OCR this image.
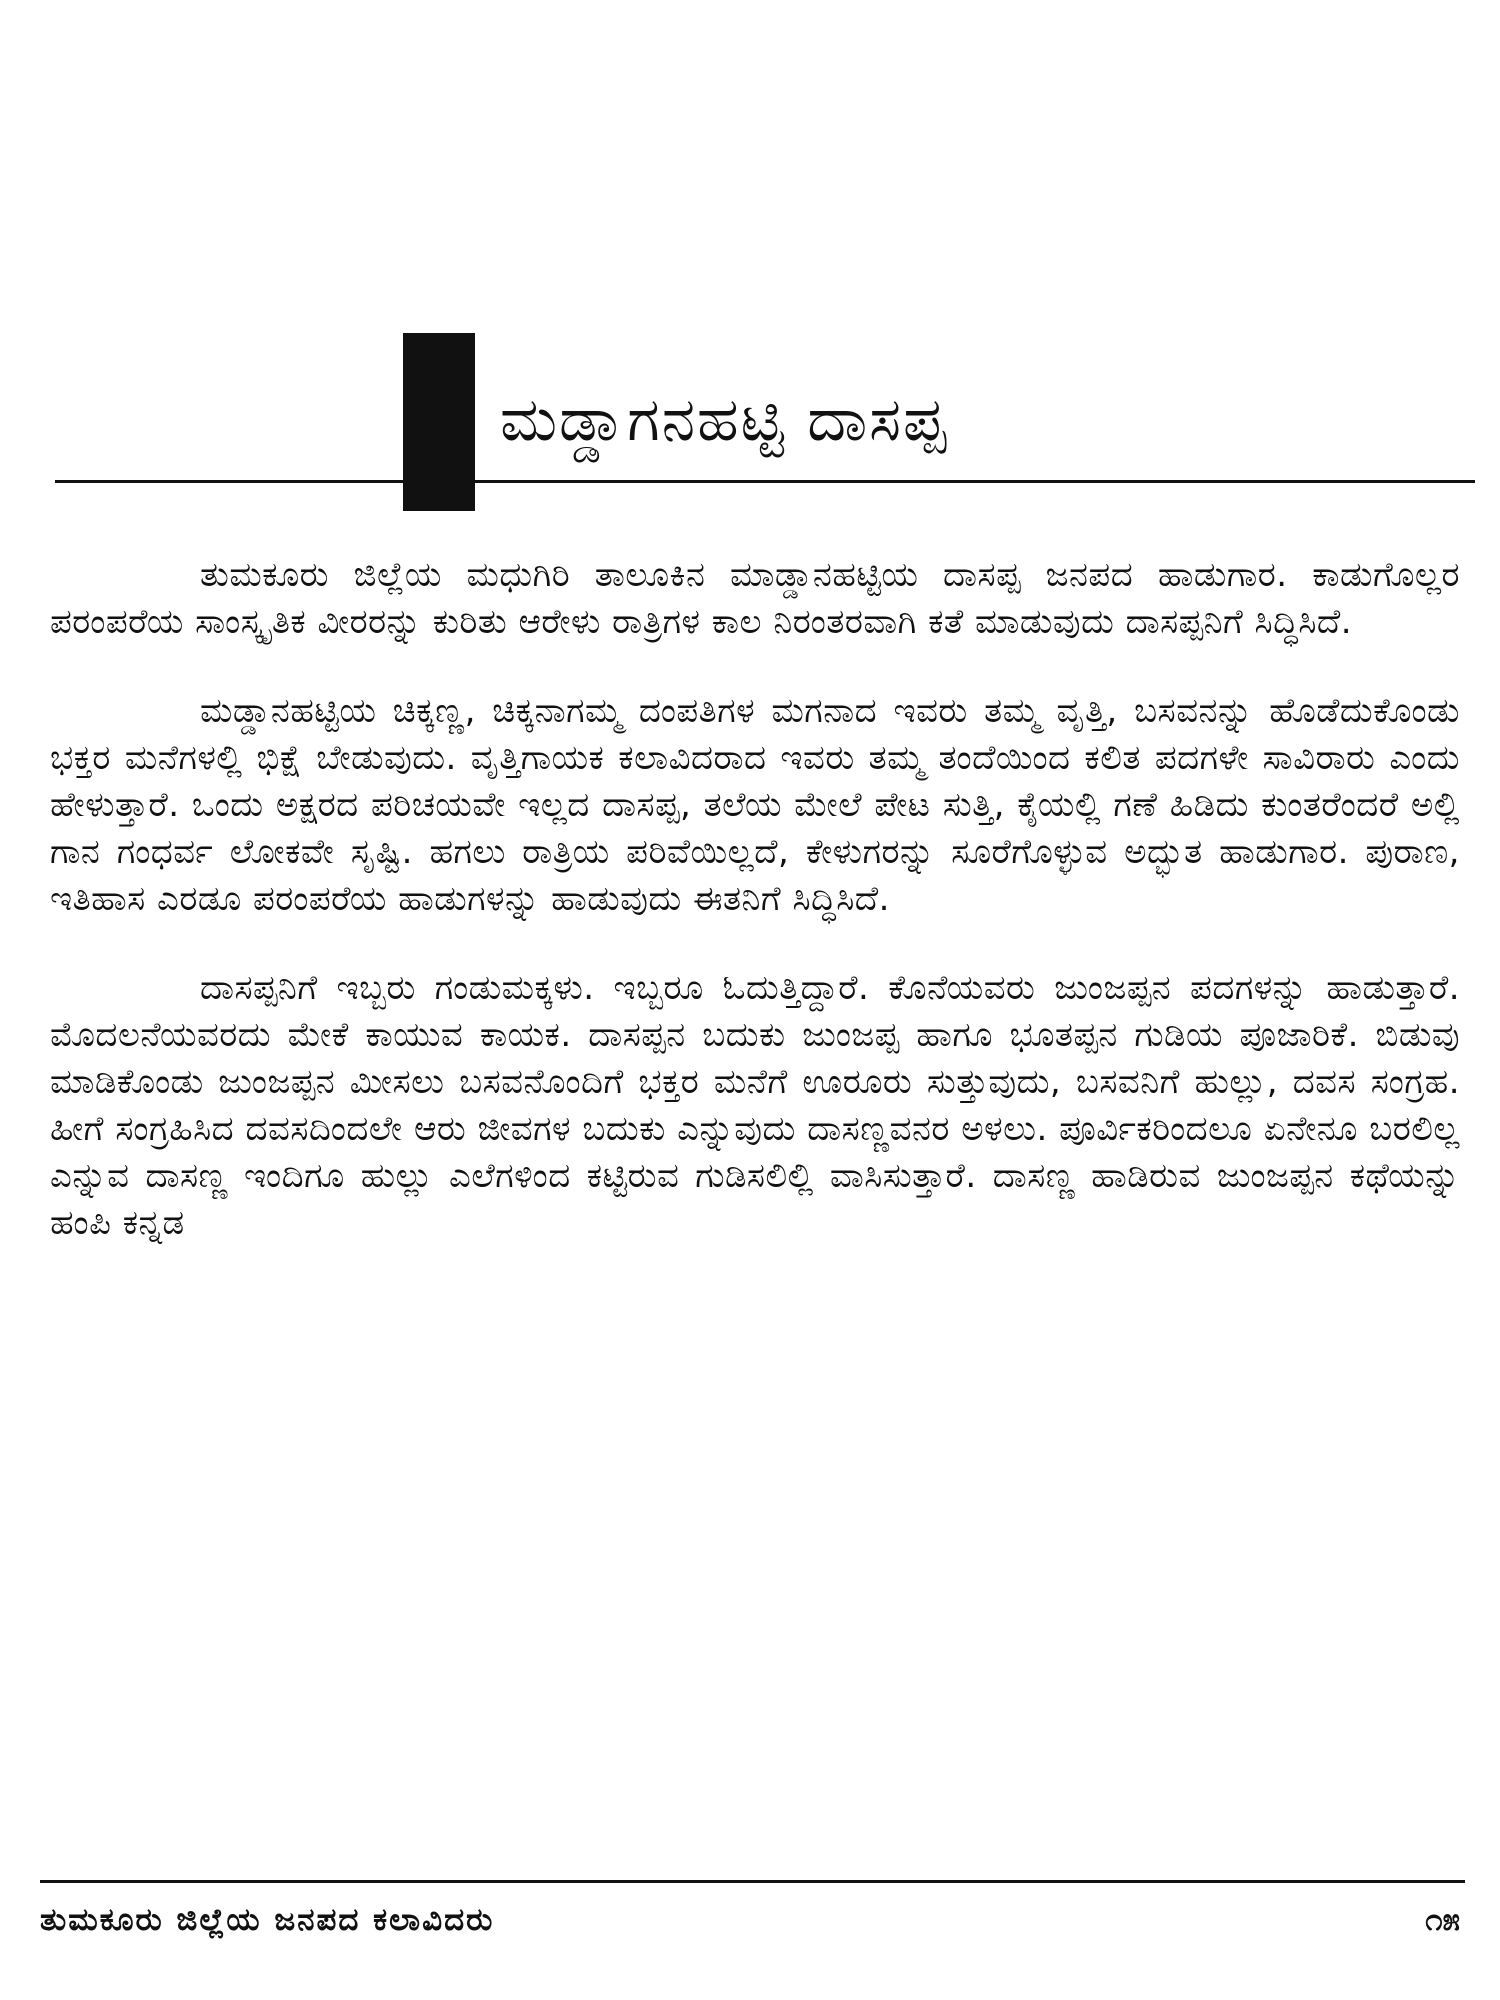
ಮಡ್ಡಾಗನಹಟ್ಟಿ ದಾಸಪ್ಪ

ತುಮಕೂರು ಜಿಲ್ಲೆಯ ಮಧುಗಿರಿ ತಾಲೂಕಿನ ಮಾಡ್ಡಾನಹಟ್ಟಿಯ ದಾಸಪ್ಪ ಜನಪದ ಹಾಡುಗಾರ. ಕಾಡುಗೊಲ್ಲರ ಪರಂಪರೆಯ ಸಾಂಸ್ಕೃತಿಕ ವೀರರನ್ನು ಕುರಿತು ಆರೇಳು ರಾತ್ರಿಗಳ ಕಾಲ ನಿರಂತರವಾಗಿ ಕತೆ ಮಾಡುವುದು ದಾಸಪ್ಪನಿಗೆ ಸಿದ್ಧಿಸಿದೆ.

ಮಡ್ಡಾನಹಟ್ಟಿಯ ಚಿಕ್ಕಣ್ಣ, ಚಿಕ್ಕನಾಗಮ್ಮ ದಂಪತಿಗಳ ಮಗನಾದ ಇವರು ತಮ್ಮ ವೃತ್ತಿ, ಬಸವನನ್ನು ಹೊಡೆದುಕೊಂಡು ಭಕ್ತರ ಮನೆಗಳಲ್ಲಿ ಭಿಕ್ಷೆ ಬೇಡುವುದು. ವೃತ್ತಿಗಾಯಕ ಕಲಾವಿದರಾದ ಇವರು ತಮ್ಮ ತಂದೆಯಿಂದ ಕಲಿತ ಪದಗಳೇ ಸಾವಿರಾರು ಎಂದು ಹೇಳುತ್ತಾರೆ. ಒಂದು ಅಕ್ಷರದ ಪರಿಚಯವೇ ಇಲ್ಲದ ದಾಸಪ್ಪ, ತಲೆಯ ಮೇಲೆ ಪೇಟ ಸುತ್ತಿ, ಕೈಯಲ್ಲಿ ಗಣೆ ಹಿಡಿದು ಕುಂತರೆಂದರೆ ಅಲ್ಲಿ ಗಾನ ಗಂಧರ್ವ ಲೋಕವೇ ಸೃಷ್ಟಿ. ಹಗಲು ರಾತ್ರಿಯ ಪರಿವೆಯಿಲ್ಲದೆ, ಕೇಳುಗರನ್ನು ಸೂರೆಗೊಳ್ಳುವ ಅದ್ಭುತ ಹಾಡುಗಾರ. ಪುರಾಣ, ಇತಿಹಾಸ ಎರಡೂ ಪರಂಪರೆಯ ಹಾಡುಗಳನ್ನು ಹಾಡುವುದು ಈತನಿಗೆ ಸಿದ್ಧಿಸಿದೆ.

ದಾಸಪ್ಪನಿಗೆ ಇಬ್ಬರು ಗಂಡುಮಕ್ಕಳು. ಇಬ್ಬರೂ ಓದುತ್ತಿದ್ದಾರೆ. ಕೊನೆಯವರು ಜುಂಜಪ್ಪನ ಪದಗಳನ್ನು ಹಾಡುತ್ತಾರೆ. ಮೊದಲನೆಯವರದು ಮೇಕೆ ಕಾಯುವ ಕಾಯಕ. ದಾಸಪ್ಪನ ಬದುಕು ಜುಂಜಪ್ಪ ಹಾಗೂ ಭೂತಪ್ಪನ ಗುಡಿಯ ಪೂಜಾರಿಕೆ. ಬಿಡುವು ಮಾಡಿಕೊಂಡು ಜುಂಜಪ್ಪನ ಮೀಸಲು ಬಸವನೊಂದಿಗೆ ಭಕ್ತರ ಮನೆಗೆ ಊರೂರು ಸುತ್ತುವುದು, ಬಸವನಿಗೆ ಹುಲ್ಲು, ದವಸ ಸಂಗ್ರಹ. ಹೀಗೆ ಸಂಗ್ರಹಿಸಿದ ದವಸದಿಂದಲೇ ಆರು ಜೀವಗಳ ಬದುಕು ಎನ್ನುವುದು ದಾಸಣ್ಣವನರ ಅಳಲು. ಪೂರ್ವಿಕರಿಂದಲೂ ಏನೇನೂ ಬರಲಿಲ್ಲ ಎನ್ನುವ ದಾಸಣ್ಣ ಇಂದಿಗೂ ಹುಲ್ಲು ಎಲೆಗಳಿಂದ ಕಟ್ಟಿರುವ ಗುಡಿಸಲಿಲ್ಲಿ ವಾಸಿಸುತ್ತಾರೆ. ದಾಸಣ್ಣ ಹಾಡಿರುವ ಜುಂಜಪ್ಪನ ಕಥೆಯನ್ನು ಹಂಪಿ ಕನ್ನಡ

ತುಮಕೂರು ಜಿಲ್ಲೆಯ ಜನಪದ ಕಲಾವಿದರು	೧೫
